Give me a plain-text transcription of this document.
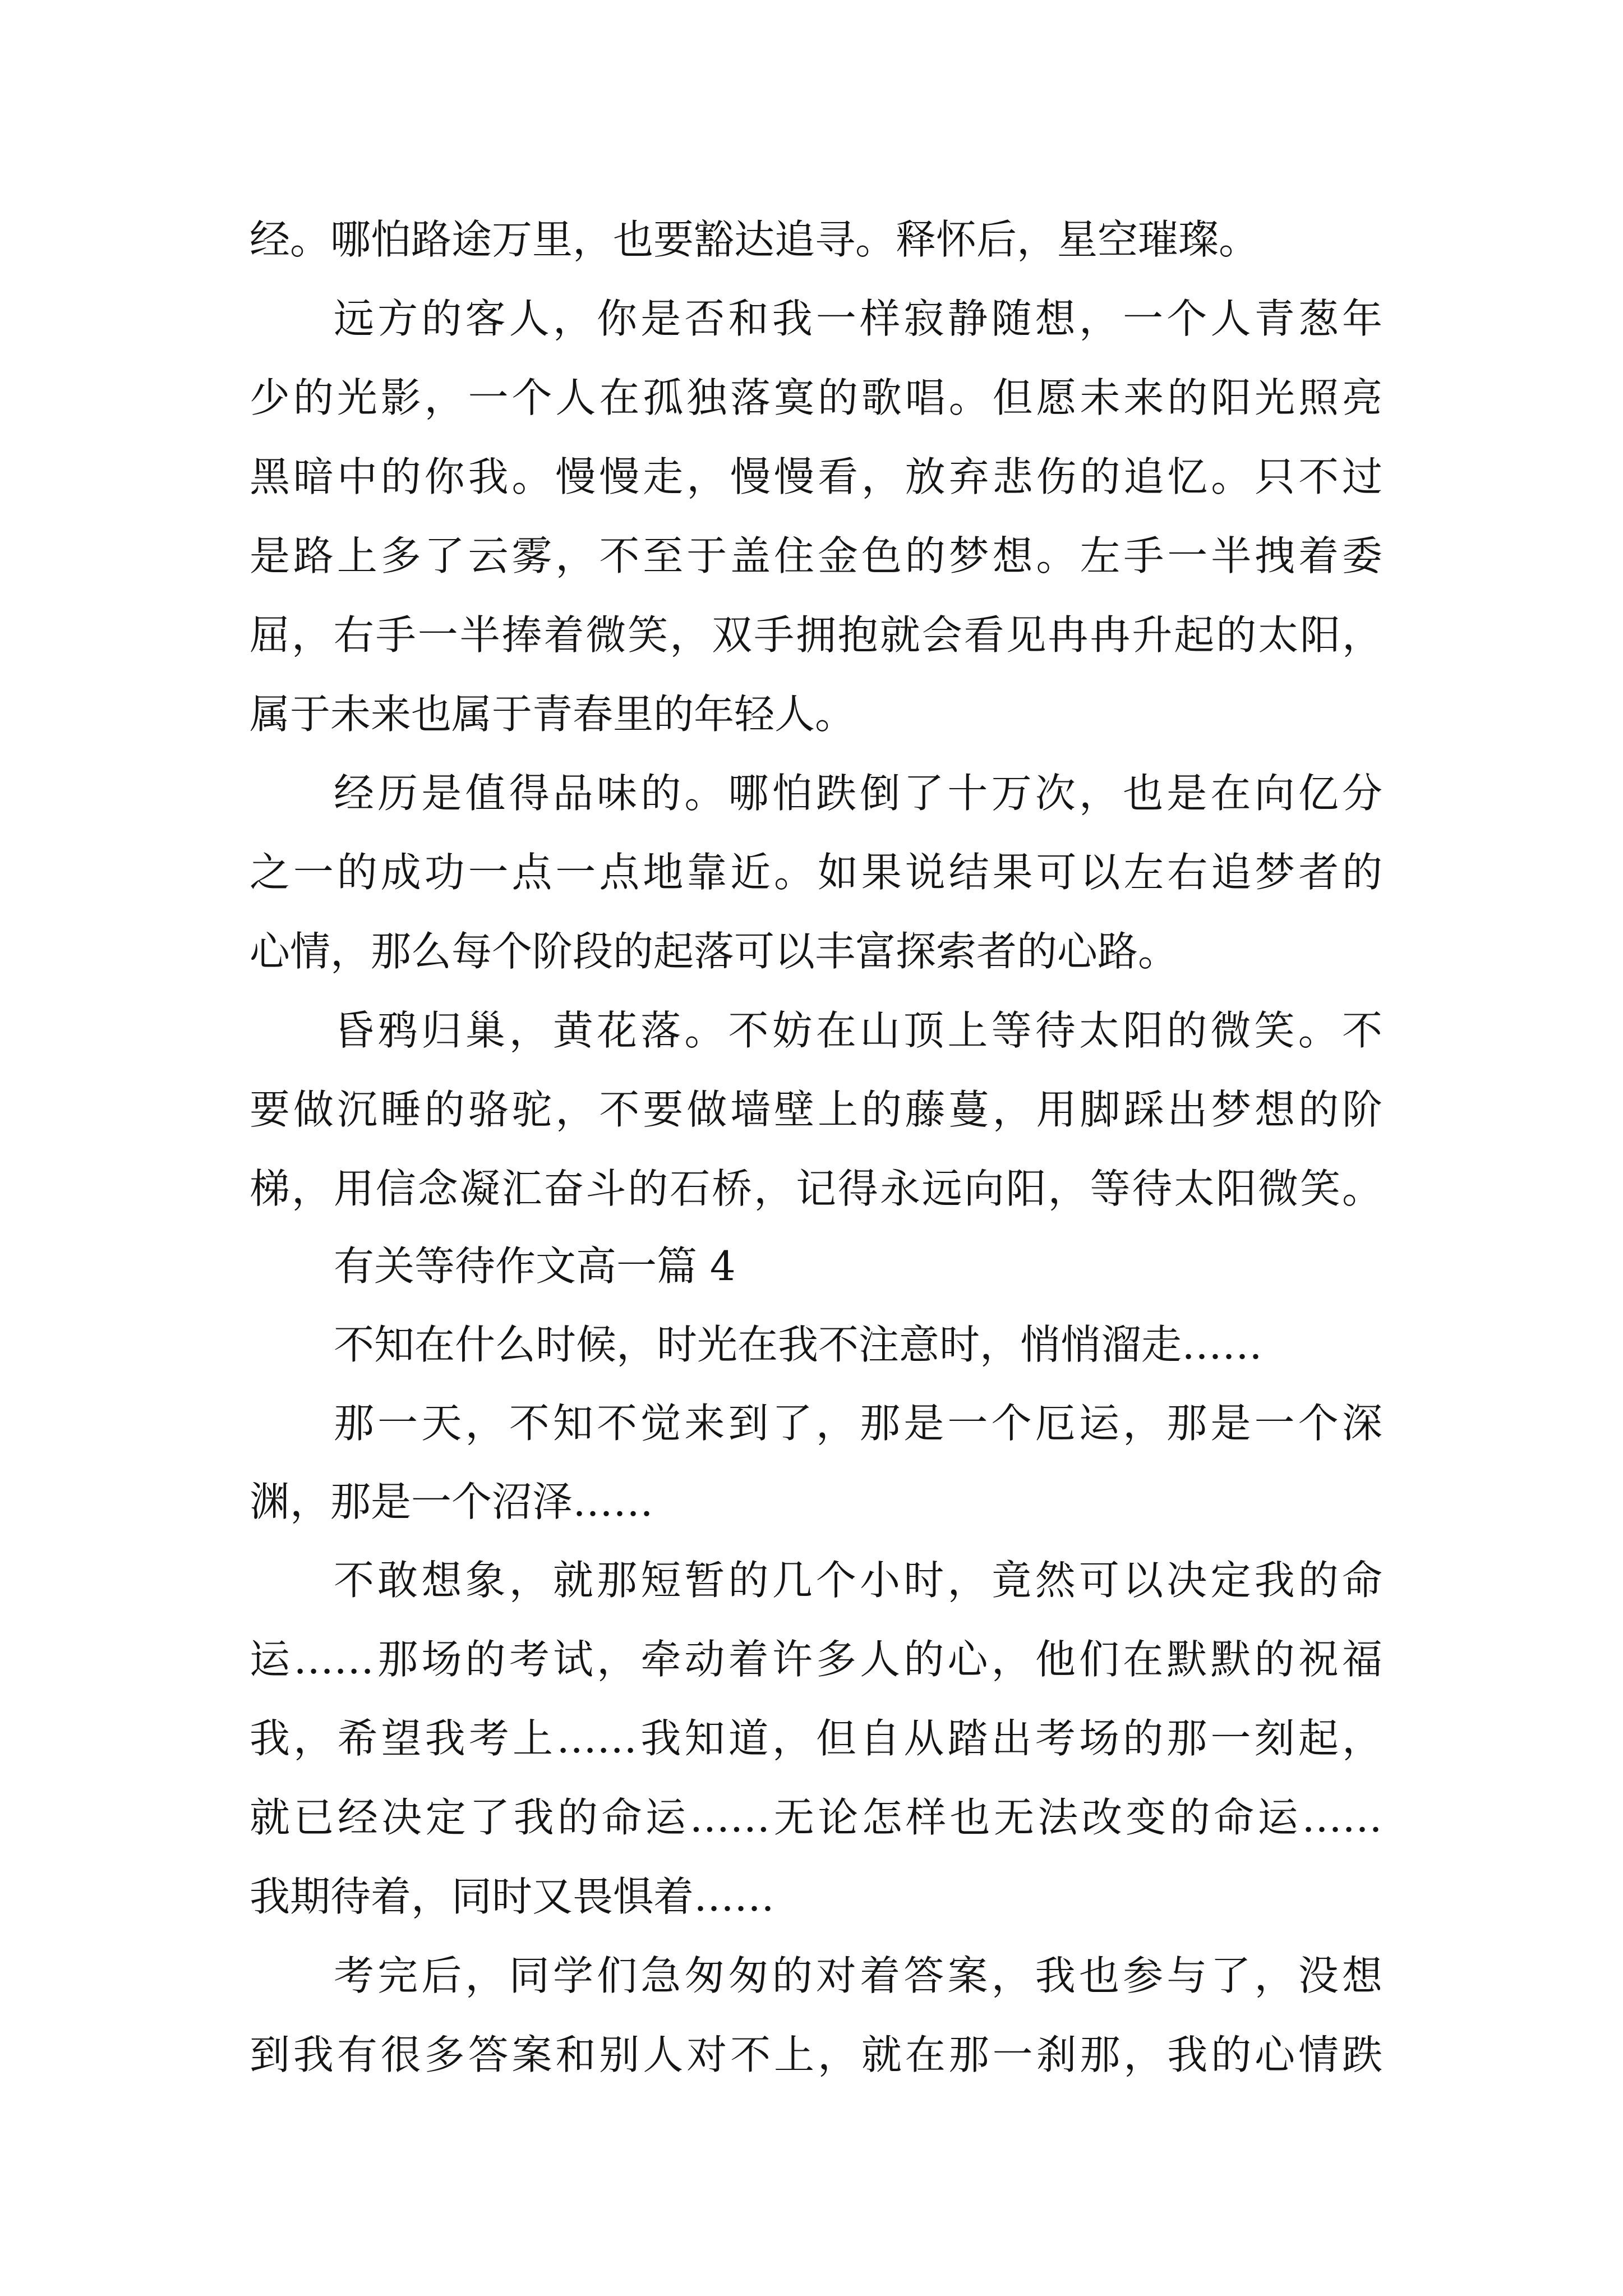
经。哪怕路途万里，也要豁达追寻。释怀后，星空璀璨。
远方的客人，你是否和我一样寂静随想，一个人青葱年
少的光影，一个人在孤独落寞的歌唱。但愿未来的阳光照亮
黑暗中的你我。慢慢走，慢慢看，放弃悲伤的追忆。只不过
是路上多了云雾，不至于盖住金色的梦想。左手一半拽着委
屈，右手一半捧着微笑，双手拥抱就会看见冉冉升起的太阳，
属于未来也属于青春里的年轻人。
经历是值得品味的。哪怕跌倒了十万次，也是在向亿分
之一的成功一点一点地靠近。如果说结果可以左右追梦者的
心情，那么每个阶段的起落可以丰富探索者的心路。
昏鸦归巢，黄花落。不妨在山顶上等待太阳的微笑。不
要做沉睡的骆驼，不要做墙壁上的藤蔓，用脚踩出梦想的阶
梯，用信念凝汇奋斗的石桥，记得永远向阳，等待太阳微笑。
有关等待作文高一篇 4
不知在什么时候，时光在我不注意时，悄悄溜走……
那一天，不知不觉来到了，那是一个厄运，那是一个深
渊，那是一个沼泽……
不敢想象，就那短暂的几个小时，竟然可以决定我的命
运……那场的考试，牵动着许多人的心，他们在默默的祝福
我，希望我考上……我知道，但自从踏出考场的那一刻起，
就已经决定了我的命运……无论怎样也无法改变的命运……
我期待着，同时又畏惧着……
考完后，同学们急匆匆的对着答案，我也参与了，没想
到我有很多答案和别人对不上，就在那一刹那，我的心情跌
